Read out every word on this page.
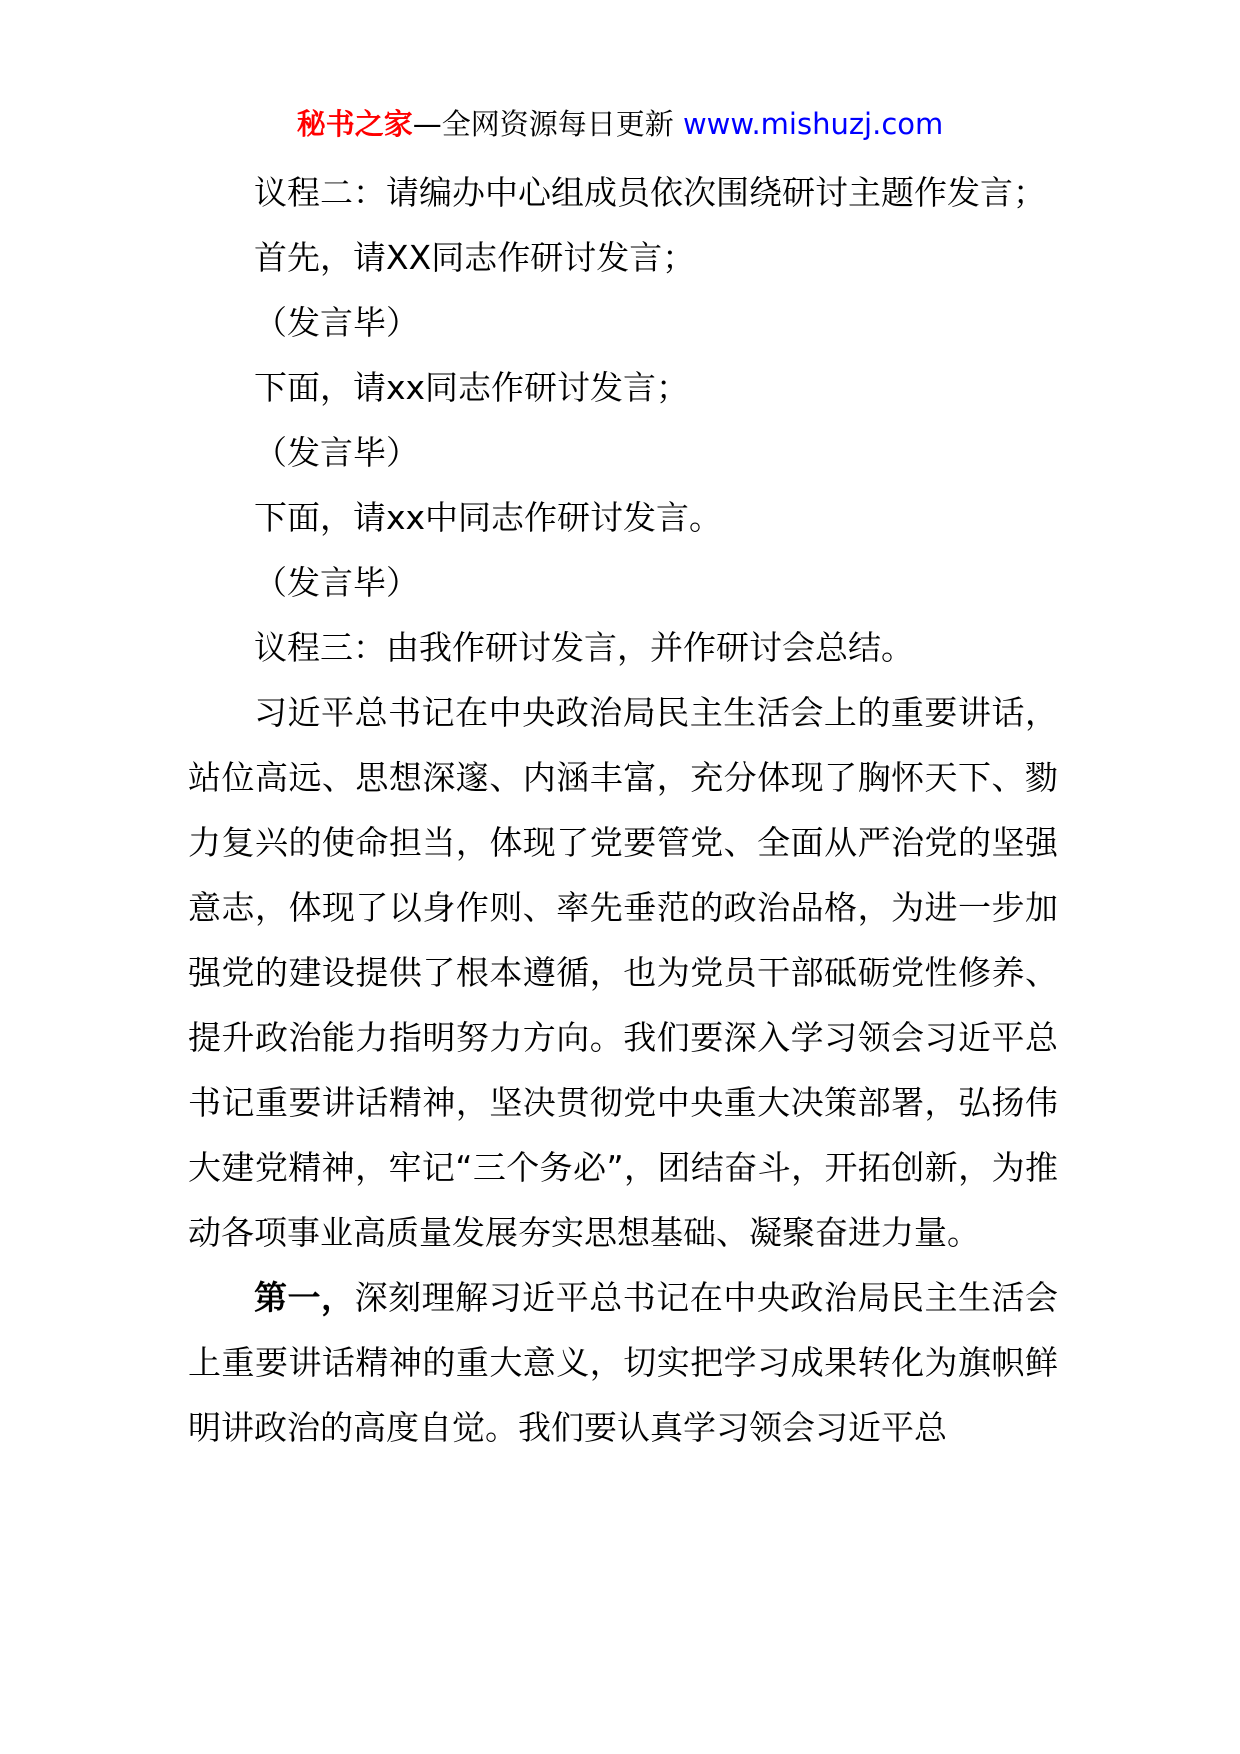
秘书之家—全网资源每日更新 www.mishuzj.com

议程二：请编办中心组成员依次围绕研讨主题作发言；

首先，请XX同志作研讨发言；

（发言毕）

下面，请xx同志作研讨发言；

（发言毕）

下面，请xx中同志作研讨发言。

（发言毕）

议程三：由我作研讨发言，并作研讨会总结。

习近平总书记在中央政治局民主生活会上的重要讲话，站位高远、思想深邃、内涵丰富，充分体现了胸怀天下、勠力复兴的使命担当，体现了党要管党、全面从严治党的坚强意志，体现了以身作则、率先垂范的政治品格，为进一步加强党的建设提供了根本遵循，也为党员干部砥砺党性修养、提升政治能力指明努力方向。我们要深入学习领会习近平总书记重要讲话精神，坚决贯彻党中央重大决策部署，弘扬伟大建党精神，牢记“三个务必”，团结奋斗，开拓创新，为推动各项事业高质量发展夯实思想基础、凝聚奋进力量。

第一，深刻理解习近平总书记在中央政治局民主生活会上重要讲话精神的重大意义，切实把学习成果转化为旗帜鲜明讲政治的高度自觉。我们要认真学习领会习近平总
